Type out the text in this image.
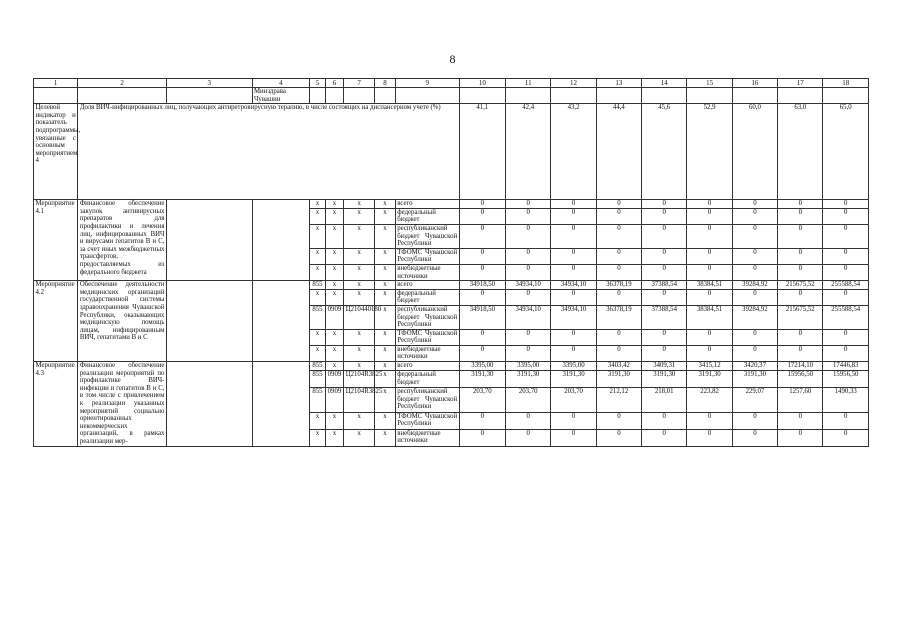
8
1	2	3	4	5	6	7	8	9	10	11	12	13	14	15	16	17	18
			Минздрава Чувашии														
Целевой индикатор и показатель подпрограммы, увязанные с основным мероприятием 4	Доля ВИЧ-инфицированных лиц, получающих антиретровирусную терапию, в числе состоящих на диспансерном учете (%)								41,1	42,4	43,2	44,4	45,6	52,9	60,0	63,0	65,0
Мероприятие 4.1	Финансовое обеспечение закупок антивирусных препаратов для профилактики и лечения лиц, инфицированных ВИЧ и вирусами гепатитов В и С, за счет иных межбюджетных трансфертов, предоставляемых из федерального бюджета			x	x	x	x	всего	0	0	0	0	0	0	0	0	0
				x	x	x	x	федеральный бюджет	0	0	0	0	0	0	0	0	0
				x	x	x	x	республиканский бюджет Чувашской Республики	0	0	0	0	0	0	0	0	0
				x	x	x	x	ТФОМС Чувашской Республики	0	0	0	0	0	0	0	0	0
				x	x	x	x	внебюджетные источники	0	0	0	0	0	0	0	0	0
Мероприятие 4.2	Обеспечение деятельности медицинских организаций государственной системы здравоохранения Чувашской Республики, оказывающих медицинскую помощь лицам, инфицированным ВИЧ, гепатитами В и С			855	x	x	x	всего	34918,50	34934,10	34934,10	36378,19	37388,54	38384,51	39284,92	215675,52	255588,54
				x	x	x	x	федеральный бюджет	0	0	0	0	0	0	0	0	0
				855	0909	Ц210440180	x	республиканский бюджет Чувашской Республики	34918,50	34934,10	34934,10	36378,19	37388,54	38384,51	39284,92	215675,52	255588,54
				x	x	x	x	ТФОМС Чувашской Республики	0	0	0	0	0	0	0	0	0
				x	x	x	x	внебюджетные источники	0	0	0	0	0	0	0	0	0
Мероприятие 4.3	Финансовое обеспечение реализации мероприятий по профилактике ВИЧ-инфекции и гепатитов В и С, в том числе с привлечением к реализации указанных мероприятий социально ориентированных некоммерческих организаций, в рамках реализации мер-			855	x	x	x	всего	3395,00	3395,00	3395,00	3403,42	3409,31	3415,12	3420,37	17214,10	17446,83
				855	0909	Ц2104R3825	x	федеральный бюджет	3191,30	3191,30	3191,30	3191,30	3191,30	3191,30	3191,30	15956,50	15956,50
				855	0909	Ц2104R3825	x	республиканский бюджет Чувашской Республики	203,70	203,70	203,70	212,12	218,01	223,82	229,07	1257,60	1490,33
				x	x	x	x	ТФОМС Чувашской Республики	0	0	0	0	0	0	0	0	0
				x	x	x	x	внебюджетные источники	0	0	0	0	0	0	0	0	0
